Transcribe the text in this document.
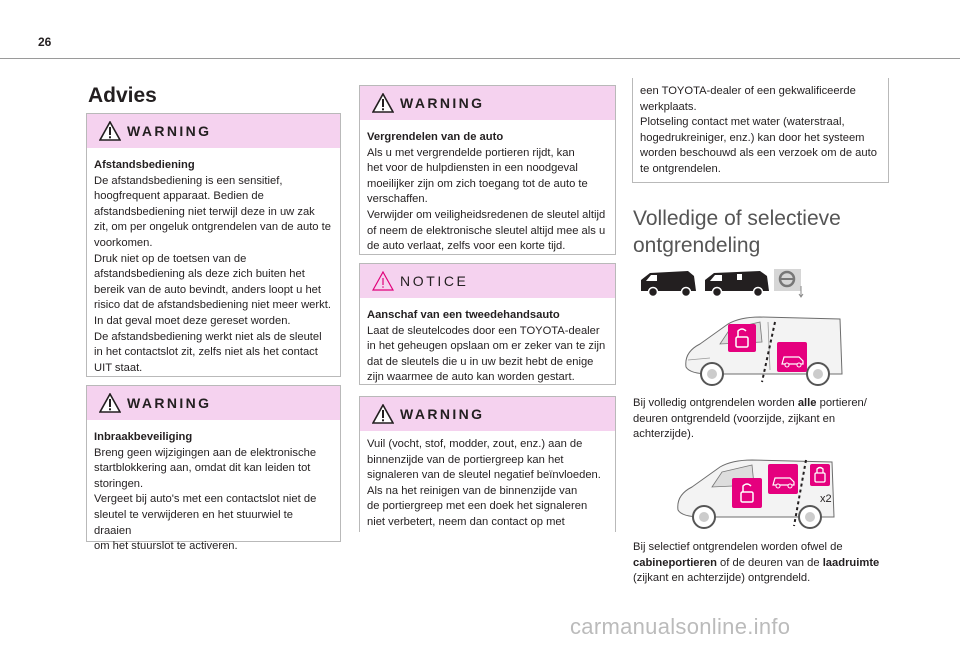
26
Advies
WARNING

Afstandsbediening

De afstandsbediening is een sensitief,

hoogfrequent apparaat. Bedien de

afstandsbediening niet terwijl deze in uw zak

zit, om per ongeluk ontgrendelen van de auto te

voorkomen.

Druk niet op de toetsen van de

afstandsbediening als deze zich buiten het

bereik van de auto bevindt, anders loopt u het

risico dat de afstandsbediening niet meer werkt.

In dat geval moet deze gereset worden.

De afstandsbediening werkt niet als de sleutel

in het contactslot zit, zelfs niet als het contact

UIT staat.

WARNING

Inbraakbeveiliging

Breng geen wijzigingen aan de elektronische

startblokkering aan, omdat dit kan leiden tot

storingen.

Vergeet bij auto's met een contactslot niet de

sleutel te verwijderen en het stuurwiel te draaien

om het stuurslot te activeren.

WARNING

Vergrendelen van de auto

Als u met vergrendelde portieren rijdt, kan

het voor de hulpdiensten in een noodgeval

moeilijker zijn om zich toegang tot de auto te

verschaffen.

Verwijder om veiligheidsredenen de sleutel altijd

of neem de elektronische sleutel altijd mee als u

de auto verlaat, zelfs voor een korte tijd.

NOTICE

Aanschaf van een tweedehandsauto

Laat de sleutelcodes door een TOYOTA-dealer

in het geheugen opslaan om er zeker van te zijn

dat de sleutels die u in uw bezit hebt de enige

zijn waarmee de auto kan worden gestart.

WARNING

Vuil (vocht, stof, modder, zout, enz.) aan de

binnenzijde van de portiergreep kan het

signaleren van de sleutel negatief beïnvloeden.

Als na het reinigen van de binnenzijde van

de portiergreep met een doek het signaleren

niet verbetert, neem dan contact op met

een TOYOTA-dealer of een gekwalificeerde

werkplaats.

Plotseling contact met water (waterstraal,

hogedrukreiniger, enz.) kan door het systeem

worden beschouwd als een verzoek om de auto

te ontgrendelen.

Volledige of selectieve
ontgrendeling
Bij volledig ontgrendelen worden alle portieren/
deuren ontgrendeld (voorzijde, zijkant en
achterzijde).
x2
Bij selectief ontgrendelen worden ofwel de
cabineportieren of de deuren van de laadruimte
(zijkant en achterzijde) ontgrendeld.
carmanualsonline.info
